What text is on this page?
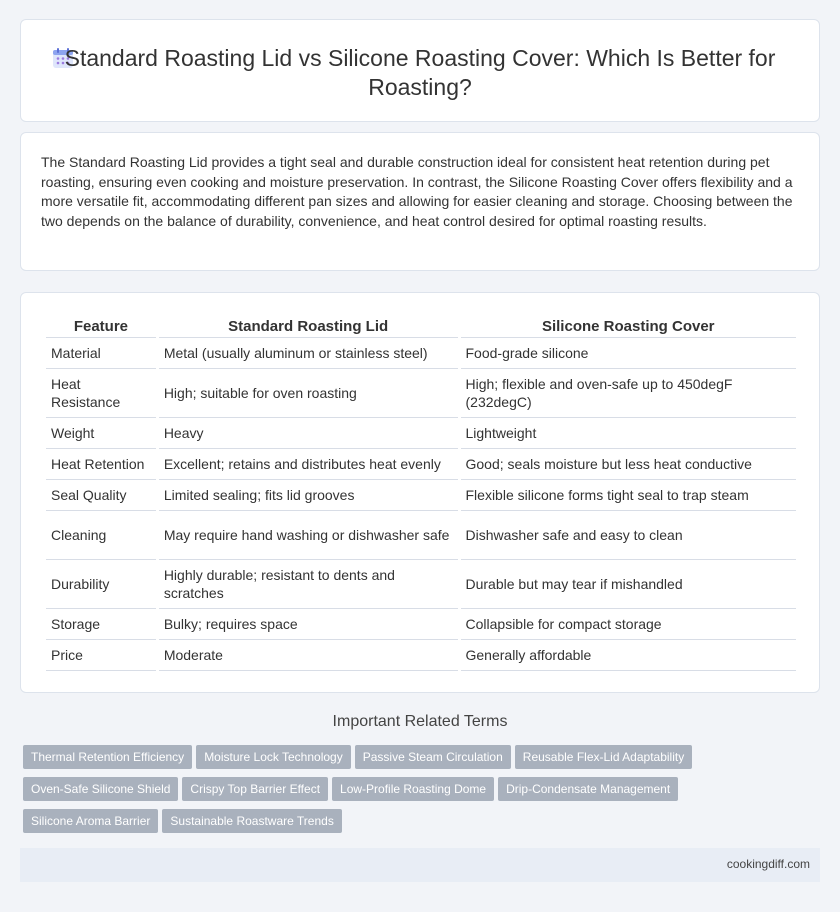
Standard Roasting Lid vs Silicone Roasting Cover: Which Is Better for Roasting?

The Standard Roasting Lid provides a tight seal and durable construction ideal for consistent heat retention during pet roasting, ensuring even cooking and moisture preservation. In contrast, the Silicone Roasting Cover offers flexibility and a more versatile fit, accommodating different pan sizes and allowing for easier cleaning and storage. Choosing between the two depends on the balance of durability, convenience, and heat control desired for optimal roasting results.

Feature	Standard Roasting Lid	Silicone Roasting Cover
Material	Metal (usually aluminum or stainless steel)	Food-grade silicone
Heat Resistance	High; suitable for oven roasting	High; flexible and oven-safe up to 450degF (232degC)
Weight	Heavy	Lightweight
Heat Retention	Excellent; retains and distributes heat evenly	Good; seals moisture but less heat conductive
Seal Quality	Limited sealing; fits lid grooves	Flexible silicone forms tight seal to trap steam
Cleaning	May require hand washing or dishwasher safe	Dishwasher safe and easy to clean
Durability	Highly durable; resistant to dents and scratches	Durable but may tear if mishandled
Storage	Bulky; requires space	Collapsible for compact storage
Price	Moderate	Generally affordable
Important Related Terms
Thermal Retention Efficiency Moisture Lock Technology Passive Steam Circulation Reusable Flex-Lid Adaptability
Oven-Safe Silicone Shield Crispy Top Barrier Effect Low-Profile Roasting Dome Drip-Condensate Management
Silicone Aroma Barrier Sustainable Roastware Trends
cookingdiff.com
